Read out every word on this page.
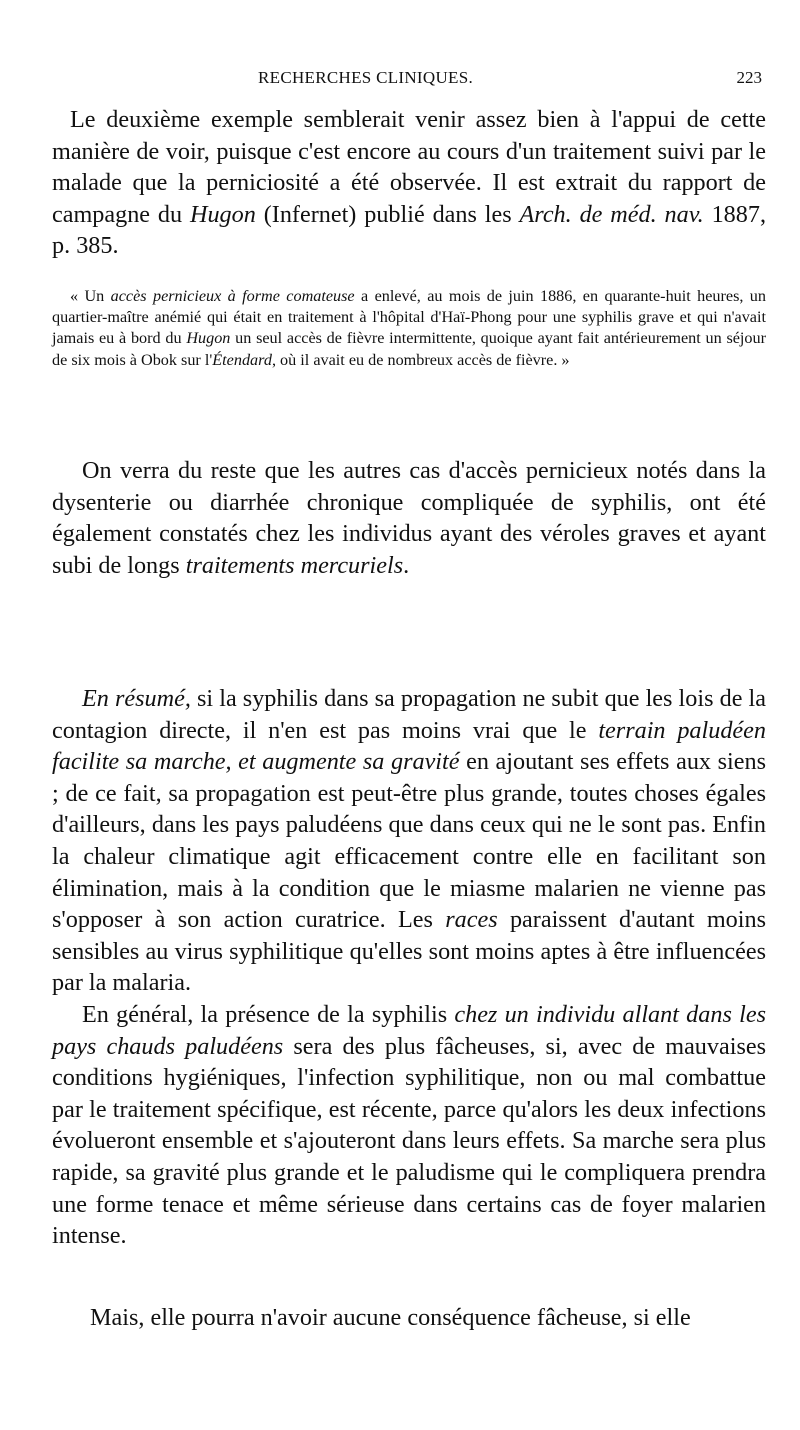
RECHERCHES CLINIQUES.	223

Le deuxième exemple semblerait venir assez bien à l'appui de cette manière de voir, puisque c'est encore au cours d'un traitement suivi par le malade que la perniciosité a été observée. Il est extrait du rapport de campagne du Hugon (Infernet) publié dans les Arch. de méd. nav. 1887, p. 385.

« Un accès pernicieux à forme comateuse a enlevé, au mois de juin 1886, en quarante-huit heures, un quartier-maître anémié qui était en traitement à l'hôpital d'Haï-Phong pour une syphilis grave et qui n'avait jamais eu à bord du Hugon un seul accès de fièvre intermittente, quoique ayant fait antérieurement un séjour de six mois à Obok sur l'Étendard, où il avait eu de nombreux accès de fièvre. »

On verra du reste que les autres cas d'accès pernicieux notés dans la dysenterie ou diarrhée chronique compliquée de syphilis, ont été également constatés chez les individus ayant des véroles graves et ayant subi de longs traitements mercuriels.

En résumé, si la syphilis dans sa propagation ne subit que les lois de la contagion directe, il n'en est pas moins vrai que le terrain paludéen facilite sa marche, et augmente sa gravité en ajoutant ses effets aux siens ; de ce fait, sa propagation est peut-être plus grande, toutes choses égales d'ailleurs, dans les pays paludéens que dans ceux qui ne le sont pas. Enfin la chaleur climatique agit efficacement contre elle en facilitant son élimination, mais à la condition que le miasme malarien ne vienne pas s'opposer à son action curatrice. Les races paraissent d'autant moins sensibles au virus syphilitique qu'elles sont moins aptes à être influencées par la malaria.

En général, la présence de la syphilis chez un individu allant dans les pays chauds paludéens sera des plus fâcheuses, si, avec de mauvaises conditions hygiéniques, l'infection syphilitique, non ou mal combattue par le traitement spécifique, est récente, parce qu'alors les deux infections évolueront ensemble et s'ajouteront dans leurs effets. Sa marche sera plus rapide, sa gravité plus grande et le paludisme qui le compliquera prendra une forme tenace et même sérieuse dans certains cas de foyer malarien intense.

Mais, elle pourra n'avoir aucune conséquence fâcheuse, si elle
